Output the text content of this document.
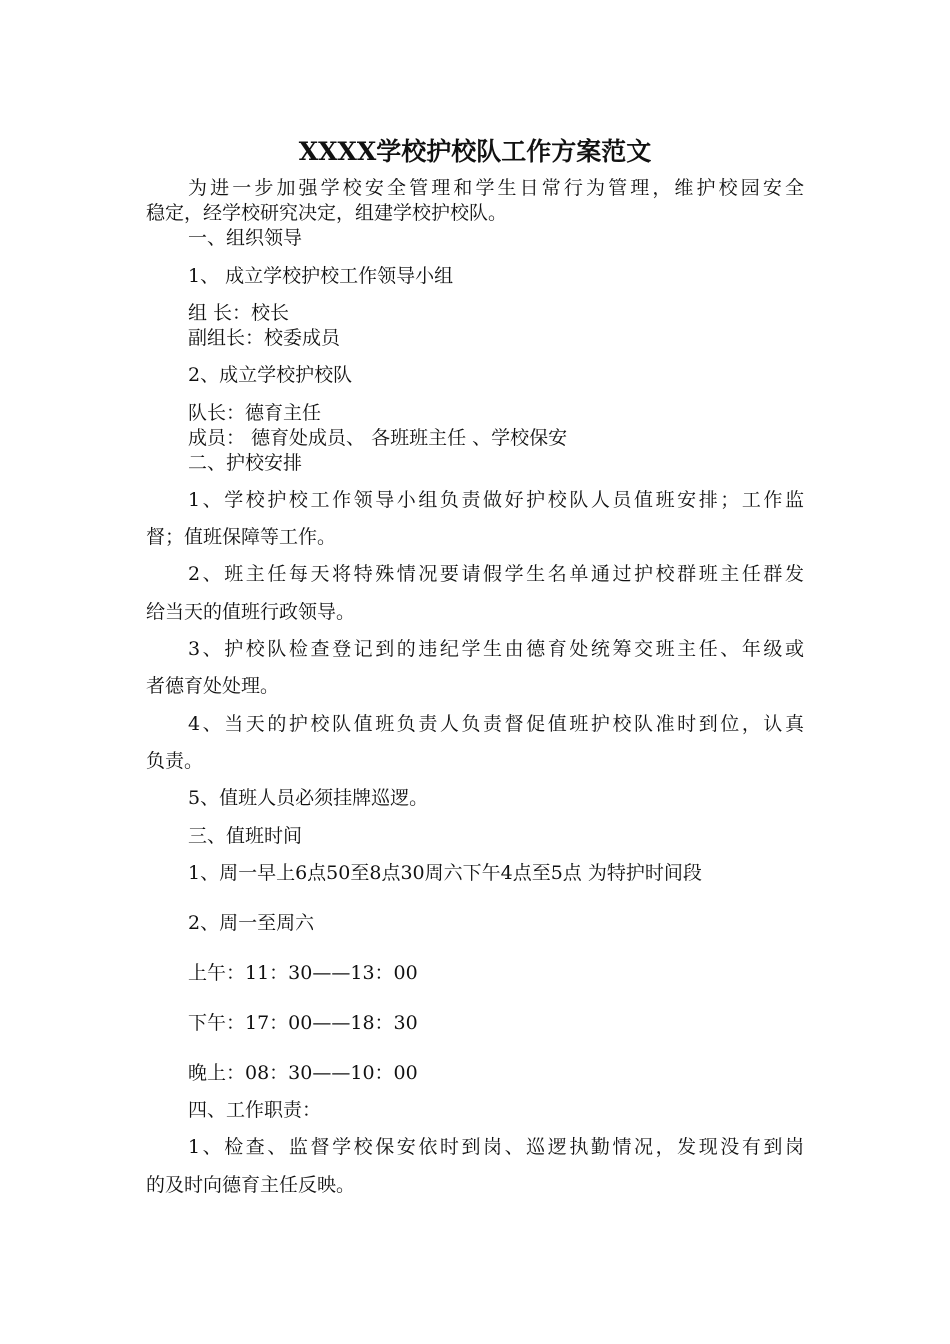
XXXX学校护校队工作方案范文

为进一步加强学校安全管理和学生日常行为管理，维护校园安全

稳定，经学校研究决定，组建学校护校队。

一、组织领导

1、 成立学校护校工作领导小组

组 长：校长

副组长：校委成员

2、成立学校护校队

队长：德育主任

成员： 德育处成员、 各班班主任 、学校保安

二、护校安排

1、学校护校工作领导小组负责做好护校队人员值班安排；工作监

督；值班保障等工作。

2、班主任每天将特殊情况要请假学生名单通过护校群班主任群发

给当天的值班行政领导。

3、护校队检查登记到的违纪学生由德育处统筹交班主任、年级或

者德育处处理。

4、当天的护校队值班负责人负责督促值班护校队准时到位，认真

负责。

5、值班人员必须挂牌巡逻。

三、值班时间

1、周一早上6点50至8点30周六下午4点至5点 为特护时间段

2、周一至周六

上午：11：30——13：00

下午：17：00——18：30

晚上：08：30——10：00

四、工作职责：

1、检查、监督学校保安依时到岗、巡逻执勤情况，发现没有到岗

的及时向德育主任反映。
